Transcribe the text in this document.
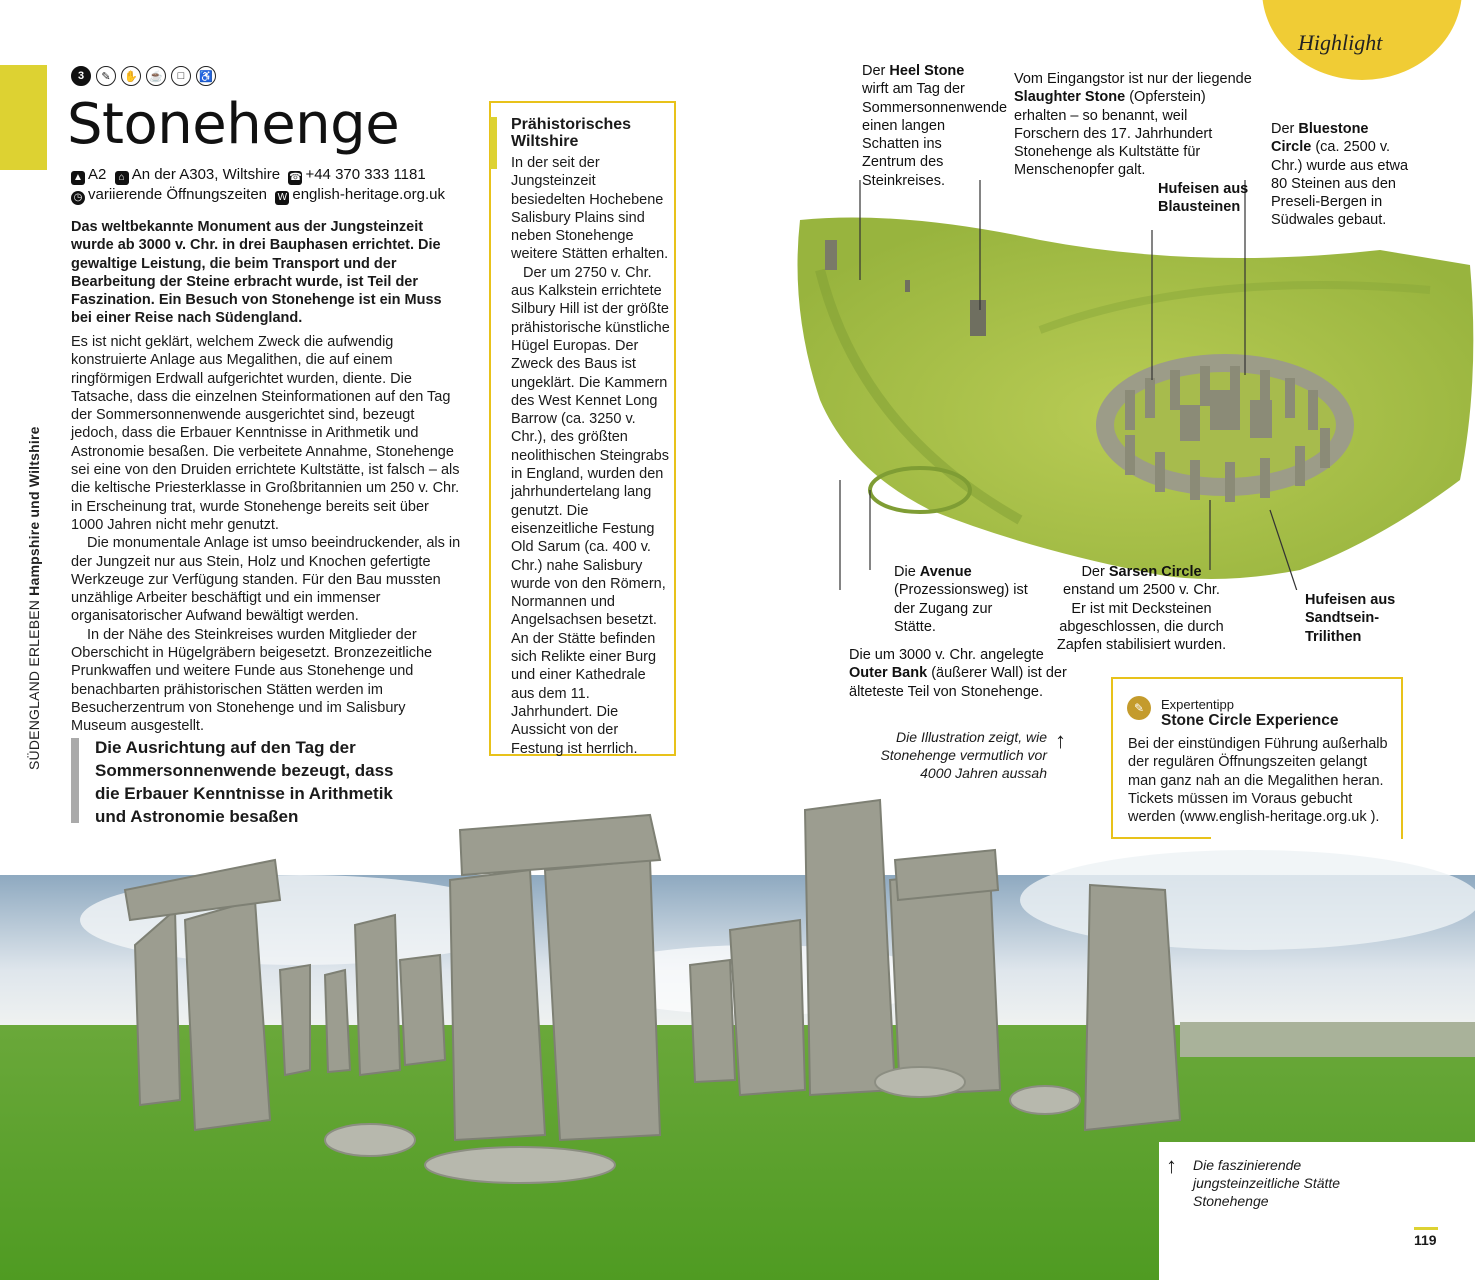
SÜDENGLAND ERLEBEN Hampshire und Wiltshire
3	✎	✋ ☕	□	♿
Stonehenge
▲ A2 ⌂ An der A303, Wiltshire ☎ +44 370 333 1181
◷ variierende Öffnungszeiten W english-heritage.org.uk
Das weltbekannte Monument aus der Jungsteinzeit wurde ab 3000 v. Chr. in drei Bauphasen errichtet. Die gewaltige Leistung, die beim Transport und der Bearbeitung der Steine erbracht wurde, ist Teil der Faszination. Ein Besuch von Stonehenge ist ein Muss bei einer Reise nach Südengland.

Es ist nicht geklärt, welchem Zweck die aufwendig konstruierte Anlage aus Megalithen, die auf einem ringförmigen Erdwall aufgerichtet wurden, diente. Die Tatsache, dass die einzelnen Steinformationen auf den Tag der Sommersonnenwende ausgerichtet sind, bezeugt jedoch, dass die Erbauer Kenntnisse in Arithmetik und Astronomie besaßen. Die verbeitete Annahme, Stonehenge sei eine von den Druiden errichtete Kultstätte, ist falsch – als die keltische Priesterklasse in Großbritannien um 250 v. Chr. in Erscheinung trat, wurde Stonehenge bereits seit über 1000 Jahren nicht mehr genutzt.

Die monumentale Anlage ist umso beeindruckender, als in der Jungzeit nur aus Stein, Holz und Knochen gefertigte Werkzeuge zur Verfügung standen. Für den Bau mussten unzählige Arbeiter beschäftigt und ein immenser organisatorischer Aufwand bewältigt werden.

In der Nähe des Steinkreises wurden Mitglieder der Oberschicht in Hügelgräbern beigesetzt. Bronzezeitliche Prunkwaffen und weitere Funde aus Stonehenge und benachbarten prähistorischen Stätten werden im Besucherzentrum von Stonehenge und im Salisbury Museum ausgestellt.

Die Ausrichtung auf den Tag der Sommersonnenwende bezeugt, dass die Erbauer Kenntnisse in Arithmetik und Astronomie besaßen
Prähistorisches Wiltshire

In der seit der Jungsteinzeit besiedelten Hochebene Salisbury Plains sind neben Stonehenge weitere Stätten erhalten.

Der um 2750 v. Chr. aus Kalkstein errichtete Silbury Hill ist der größte prähistorische künstliche Hügel Europas. Der Zweck des Baus ist ungeklärt. Die Kammern des West Kennet Long Barrow (ca. 3250 v. Chr.), des größten neolithischen Steingrabs in England, wurden den jahrhundertelang lang genutzt. Die eisenzeitliche Festung Old Sarum (ca. 400 v. Chr.) nahe Salisbury wurde von den Römern, Normannen und Angelsachsen besetzt. An der Stätte befinden sich Relikte einer Burg und einer Kathedrale aus dem 11. Jahrhundert. Die Aussicht von der Festung ist herrlich.

Highlight
Der Heel Stone wirft am Tag der Sommersonnenwende einen langen Schatten ins Zentrum des Steinkreises.
Vom Eingangstor ist nur der liegende Slaughter Stone (Opferstein) erhalten – so benannt, weil Forschern des 17. Jahrhundert Stonehenge als Kultstätte für Menschenopfer galt.
Hufeisen aus Blausteinen
Der Bluestone Circle (ca. 2500 v. Chr.) wurde aus etwa 80 Steinen aus den Preseli-Bergen in Südwales gebaut.
Die Avenue (Prozessionsweg) ist der Zugang zur Stätte.
Der Sarsen Circle enstand um 2500 v. Chr. Er ist mit Decksteinen abgeschlossen, die durch Zapfen stabilisiert wurden.
Hufeisen aus Sandtsein-Trilithen
Die um 3000 v. Chr. angelegte Outer Bank (äußerer Wall) ist der älteteste Teil von Stonehenge.
Die Illustration zeigt, wie Stonehenge vermutlich vor 4000 Jahren aussah
↑
✎	Expertentipp
Stone Circle Experience
Bei der einstündigen Führung außerhalb der regulären Öffnungszeiten gelangt man ganz nah an die Megalithen heran. Tickets müssen im Voraus gebucht werden (www.english-heritage.org.uk ).
↑ Die faszinierende jungsteinzeitliche Stätte Stonehenge
119
